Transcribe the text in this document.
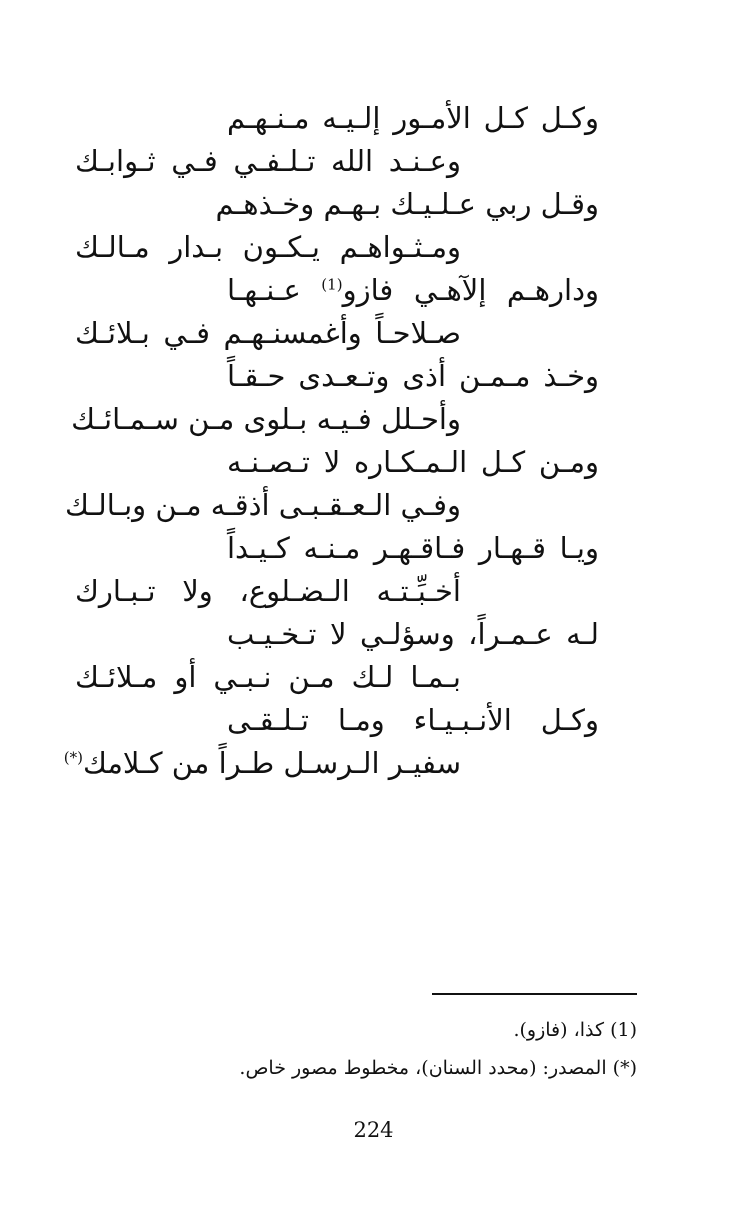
وكـل كـل الأمـور إلـيـه مـنـهـم
وعـنـد الله تـلـفـي فـي ثـوابـك
وقـل ربي عـلـيـك بـهـم وخـذهـم
ومـثـواهـم يـكـون بـدار مـالـك
ودارهـم إلآهـي فازو$^{(1)}$ عـنـهـا
صـلاحـاً وأغمسنـهـم فـي بـلائـك
وخـذ مـمـن أذى وتـعـدى حـقـاً
وأحـلل فـيـه بـلوى مـن سـمـائـك
ومـن كـل الـمـكـاره لا تـصـنـه
وفـي الـعـقـبـى أذقـه مـن وبـالـك
ويـا قـهـار فـاقـهـر مـنـه كـيـداً
أخـبِّـتـه الـضـلوع، ولا تـبـارك
لـه عـمـراً، وسؤلـي لا تـخـيـب
بـمـا لـك مـن نـبـي أو مـلائـك
وكـل الأنـبـيـاء ومـا تـلـقـى
سفيـر الـرسـل طـراً من كـلامك(*)
(1) كذا، (فازو).
(*) المصدر: (محدد السنان)، مخطوط مصور خاص.
224
